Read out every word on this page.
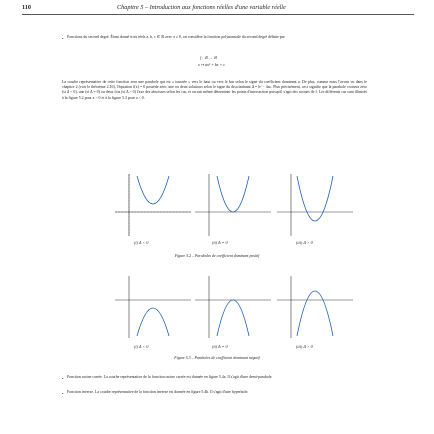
110	Chapitre 5 – Introduction aux fonctions réelles d'une variable réelle
• Fonctions du second degré. Étant donné trois réels a, b, c ∈ ℝ avec a ≠ 0, on considère la fonction polynomiale du second degré définie par
f : ℝ → ℝ
x ↦ ax² + bx + c
La courbe représentative de cette fonction sera une parabole qui est « tournée » vers le haut ou vers le bas selon le signe du coefficient dominant a. De plus, comme nous l'avons vu dans le chapitre 2 (voir le théorème 2.16), l'équation f(x) = 0 possède zéro, une ou deux solutions selon le signe du discriminant Δ = b² − 4ac. Plus précisément, ceci signifie que la parabole croisera zéro (si Δ < 0), une (si Δ = 0) ou deux fois (si Δ > 0) l'axe des abscisses selon les cas, et on sait même déterminer les points d'intersection puisqu'il s'agit des racines de f. Les différents cas sont illustrés à la figure 5.2 pour a > 0 et à la figure 5.3 pour a < 0.
(i) Δ < 0	(ii) Δ = 0	(iii) Δ > 0
Figure 5.2 – Paraboles de coefficient dominant positif
(i) Δ < 0	(ii) Δ = 0	(iii) Δ > 0
Figure 5.3 – Paraboles de coefficient dominant négatif
• Fonction racine carrée. La courbe représentative de la fonction racine carrée est donnée en figure 5.4a. Il s'agit d'une demi-parabole.
• Fonction inverse. La courbe représentative de la fonction inverse est donnée en figure 5.4b. Il s'agit d'une hyperbole.
